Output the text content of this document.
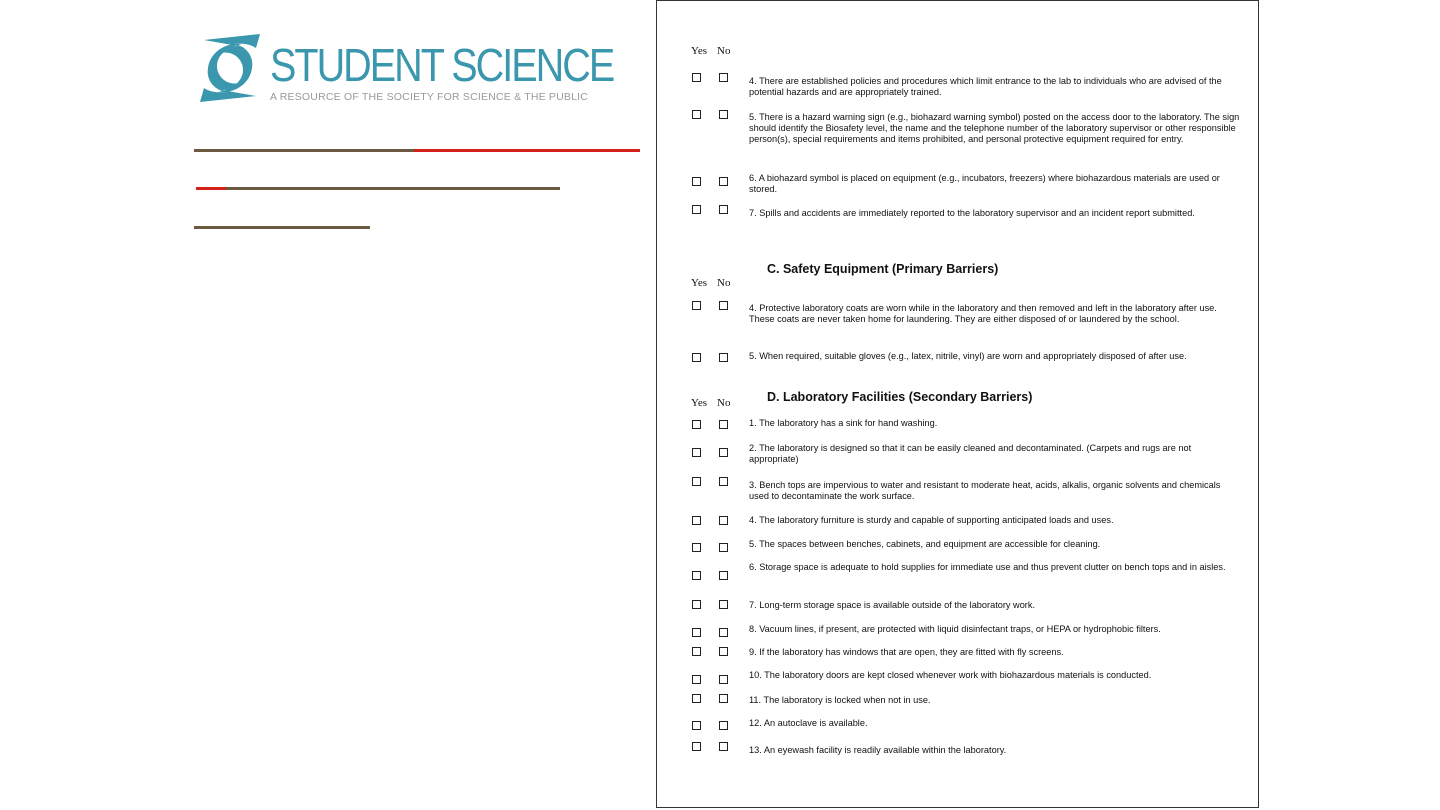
STUDENT SCIENCE
A RESOURCE OF THE SOCIETY FOR SCIENCE & THE PUBLIC
Yes No
4. There are established policies and procedures which limit entrance to the lab to individuals who are advised of the potential hazards and are appropriately trained.
5. There is a hazard warning sign (e.g., biohazard warning symbol) posted on the access door to the laboratory. The sign should identify the Biosafety level, the name and the telephone number of the laboratory supervisor or other responsible person(s), special requirements and items prohibited, and personal protective equipment required for entry.
6. A biohazard symbol is placed on equipment (e.g., incubators, freezers) where biohazardous materials are used or stored.
7. Spills and accidents are immediately reported to the laboratory supervisor and an incident report submitted.
C. Safety Equipment (Primary Barriers)
Yes No
4. Protective laboratory coats are worn while in the laboratory and then removed and left in the laboratory after use. These coats are never taken home for laundering. They are either disposed of or laundered by the school.
5. When required, suitable gloves (e.g., latex, nitrile, vinyl) are worn and appropriately disposed of after use.
D. Laboratory Facilities (Secondary Barriers)
Yes No
1. The laboratory has a sink for hand washing.
2. The laboratory is designed so that it can be easily cleaned and decontaminated. (Carpets and rugs are not appropriate)
3. Bench tops are impervious to water and resistant to moderate heat, acids, alkalis, organic solvents and chemicals used to decontaminate the work surface.
4. The laboratory furniture is sturdy and capable of supporting anticipated loads and uses.
5. The spaces between benches, cabinets, and equipment are accessible for cleaning.
6. Storage space is adequate to hold supplies for immediate use and thus prevent clutter on bench tops and in aisles.
7. Long-term storage space is available outside of the laboratory work.
8. Vacuum lines, if present, are protected with liquid disinfectant traps, or HEPA or hydrophobic filters.
9. If the laboratory has windows that are open, they are fitted with fly screens.
10. The laboratory doors are kept closed whenever work with biohazardous materials is conducted.
11. The laboratory is locked when not in use.
12. An autoclave is available.
13. An eyewash facility is readily available within the laboratory.
